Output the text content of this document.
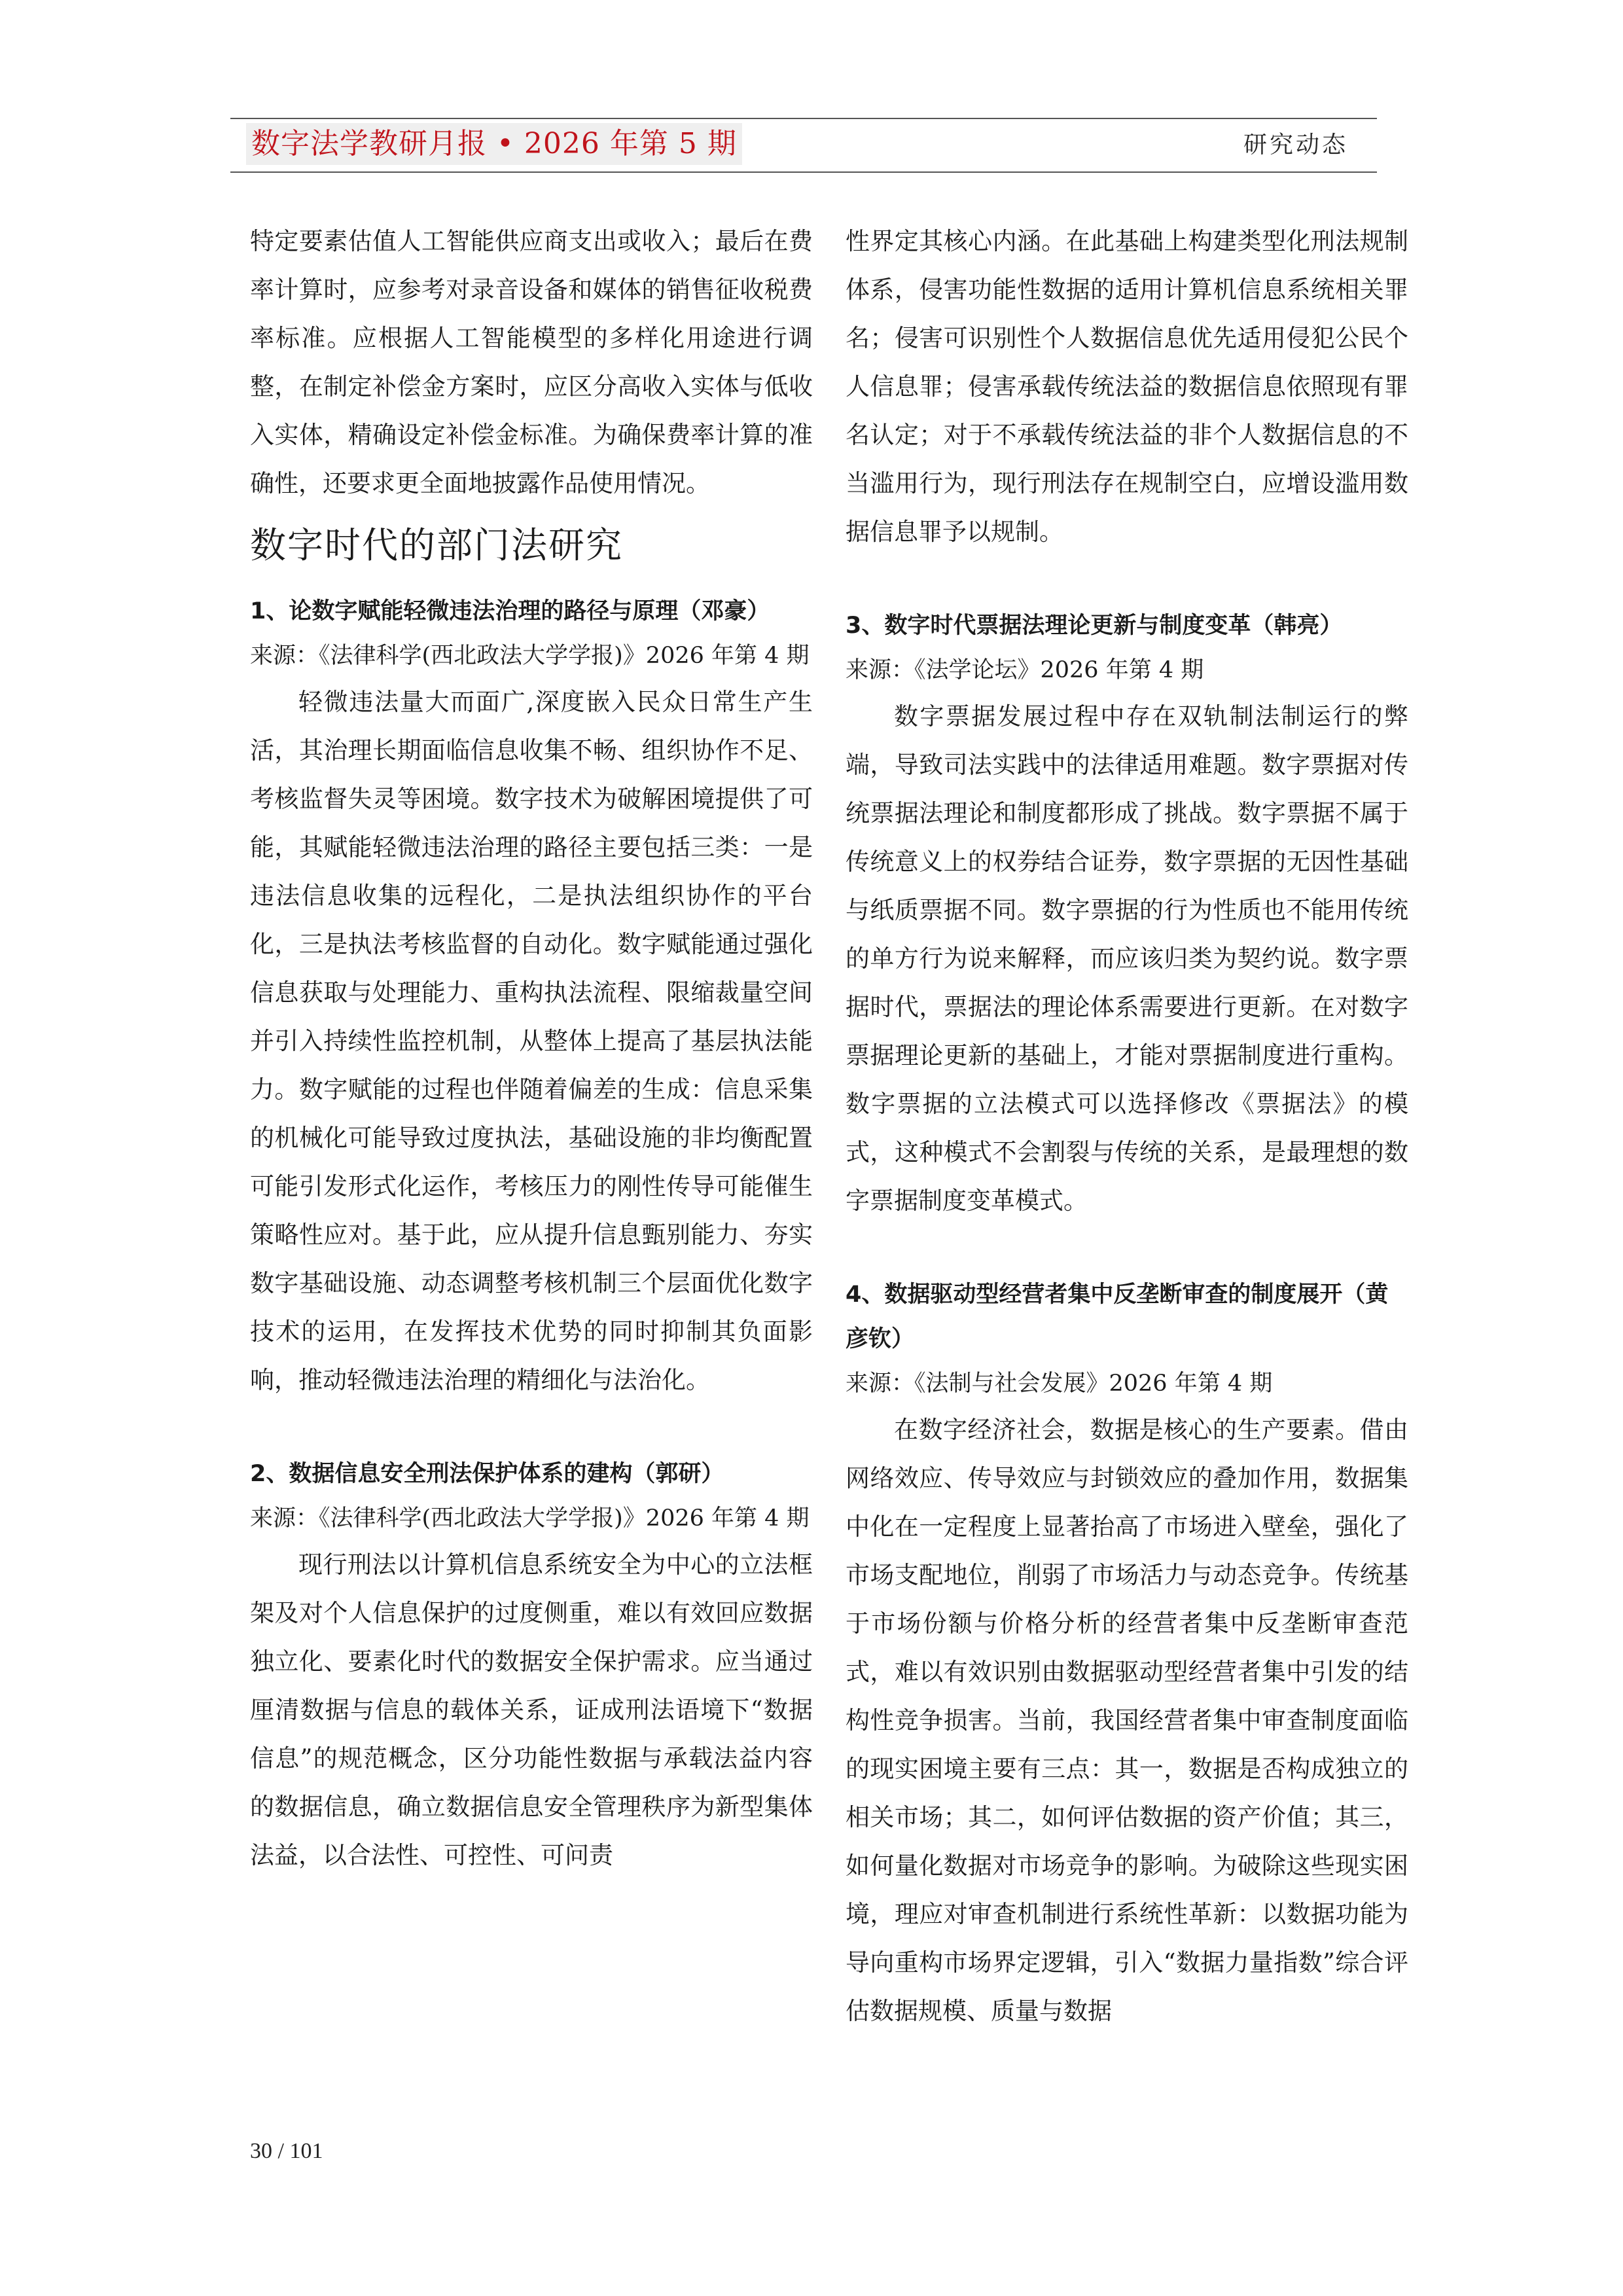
数字法学教研月报 • 2026 年第 5 期	研究动态

特定要素估值人工智能供应商支出或收入；最后在费率计算时，应参考对录音设备和媒体的销售征收税费率标准。应根据人工智能模型的多样化用途进行调整，在制定补偿金方案时，应区分高收入实体与低收入实体，精确设定补偿金标准。为确保费率计算的准确性，还要求更全面地披露作品使用情况。

数字时代的部门法研究

1、论数字赋能轻微违法治理的路径与原理（邓豪）

来源：《法律科学(西北政法大学学报)》2026 年第 4 期

轻微违法量大而面广,深度嵌入民众日常生产生活，其治理长期面临信息收集不畅、组织协作不足、考核监督失灵等困境。数字技术为破解困境提供了可能，其赋能轻微违法治理的路径主要包括三类：一是违法信息收集的远程化，二是执法组织协作的平台化，三是执法考核监督的自动化。数字赋能通过强化信息获取与处理能力、重构执法流程、限缩裁量空间并引入持续性监控机制，从整体上提高了基层执法能力。数字赋能的过程也伴随着偏差的生成：信息采集的机械化可能导致过度执法，基础设施的非均衡配置可能引发形式化运作，考核压力的刚性传导可能催生策略性应对。基于此，应从提升信息甄别能力、夯实数字基础设施、动态调整考核机制三个层面优化数字技术的运用，在发挥技术优势的同时抑制其负面影响，推动轻微违法治理的精细化与法治化。

2、数据信息安全刑法保护体系的建构（郭研）

来源：《法律科学(西北政法大学学报)》2026 年第 4 期

现行刑法以计算机信息系统安全为中心的立法框架及对个人信息保护的过度侧重，难以有效回应数据独立化、要素化时代的数据安全保护需求。应当通过厘清数据与信息的载体关系，证成刑法语境下“数据信息”的规范概念，区分功能性数据与承载法益内容的数据信息，确立数据信息安全管理秩序为新型集体法益，以合法性、可控性、可问责

性界定其核心内涵。在此基础上构建类型化刑法规制体系，侵害功能性数据的适用计算机信息系统相关罪名；侵害可识别性个人数据信息优先适用侵犯公民个人信息罪；侵害承载传统法益的数据信息依照现有罪名认定；对于不承载传统法益的非个人数据信息的不当滥用行为，现行刑法存在规制空白，应增设滥用数据信息罪予以规制。

3、数字时代票据法理论更新与制度变革（韩亮）

来源：《法学论坛》2026 年第 4 期

数字票据发展过程中存在双轨制法制运行的弊端，导致司法实践中的法律适用难题。数字票据对传统票据法理论和制度都形成了挑战。数字票据不属于传统意义上的权券结合证券，数字票据的无因性基础与纸质票据不同。数字票据的行为性质也不能用传统的单方行为说来解释，而应该归类为契约说。数字票据时代，票据法的理论体系需要进行更新。在对数字票据理论更新的基础上，才能对票据制度进行重构。数字票据的立法模式可以选择修改《票据法》的模式，这种模式不会割裂与传统的关系，是最理想的数字票据制度变革模式。

4、数据驱动型经营者集中反垄断审查的制度展开（黄彦钦）

来源：《法制与社会发展》2026 年第 4 期

在数字经济社会，数据是核心的生产要素。借由网络效应、传导效应与封锁效应的叠加作用，数据集中化在一定程度上显著抬高了市场进入壁垒，强化了市场支配地位，削弱了市场活力与动态竞争。传统基于市场份额与价格分析的经营者集中反垄断审查范式，难以有效识别由数据驱动型经营者集中引发的结构性竞争损害。当前，我国经营者集中审查制度面临的现实困境主要有三点：其一，数据是否构成独立的相关市场；其二，如何评估数据的资产价值；其三，如何量化数据对市场竞争的影响。为破除这些现实困境，理应对审查机制进行系统性革新：以数据功能为导向重构市场界定逻辑，引入“数据力量指数”综合评估数据规模、质量与数据

30 / 101
